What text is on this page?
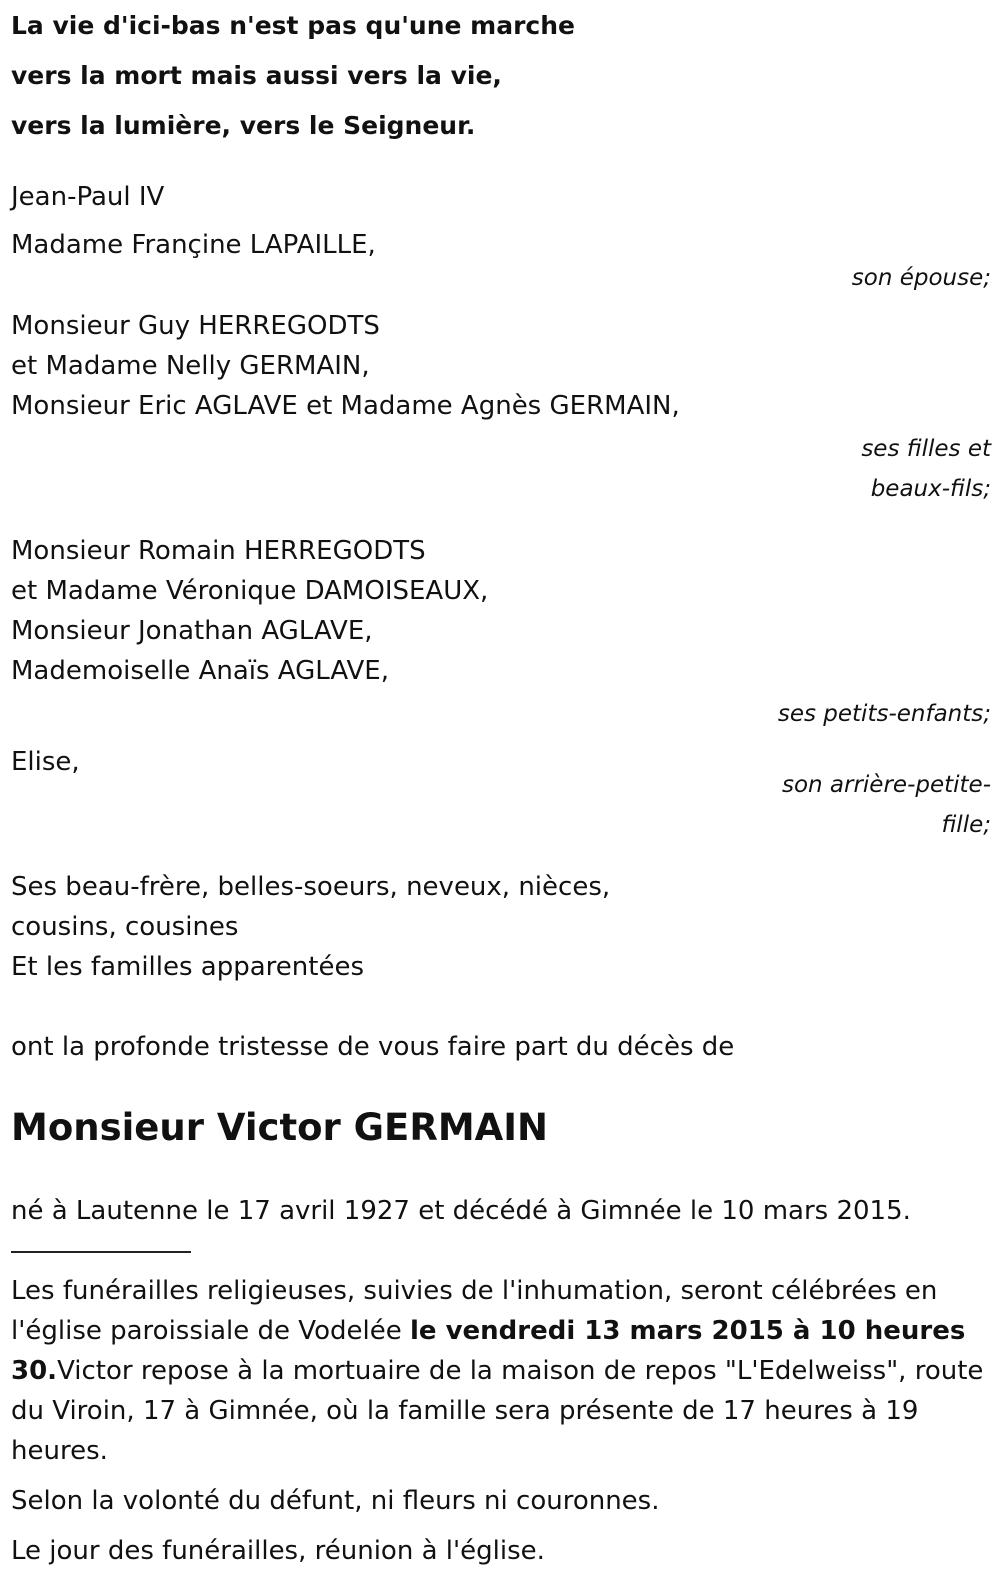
La vie d'ici-bas n'est pas qu'une marche
vers la mort mais aussi vers la vie,
vers la lumière, vers le Seigneur.
Jean-Paul IV
Madame Françine LAPAILLE,
son épouse;
Monsieur Guy HERREGODTS
et Madame Nelly GERMAIN,
Monsieur Eric AGLAVE et Madame Agnès GERMAIN,
ses filles et
beaux-fils;
Monsieur Romain HERREGODTS
et Madame Véronique DAMOISEAUX,
Monsieur Jonathan AGLAVE,
Mademoiselle Anaïs AGLAVE,
ses petits-enfants;
Elise,
son arrière-petite-
fille;
Ses beau-frère, belles-soeurs, neveux, nièces,
cousins, cousines
Et les familles apparentées
ont la profonde tristesse de vous faire part du décès de
Monsieur Victor GERMAIN
né à Lautenne le 17 avril 1927 et décédé à Gimnée le 10 mars 2015.
Les funérailles religieuses, suivies de l'inhumation, seront célébrées en l'église paroissiale de Vodelée le vendredi 13 mars 2015 à 10 heures 30.Victor repose à la mortuaire de la maison de repos "L'Edelweiss", route du Viroin, 17 à Gimnée, où la famille sera présente de 17 heures à 19 heures.
Selon la volonté du défunt, ni fleurs ni couronnes.
Le jour des funérailles, réunion à l'église.
